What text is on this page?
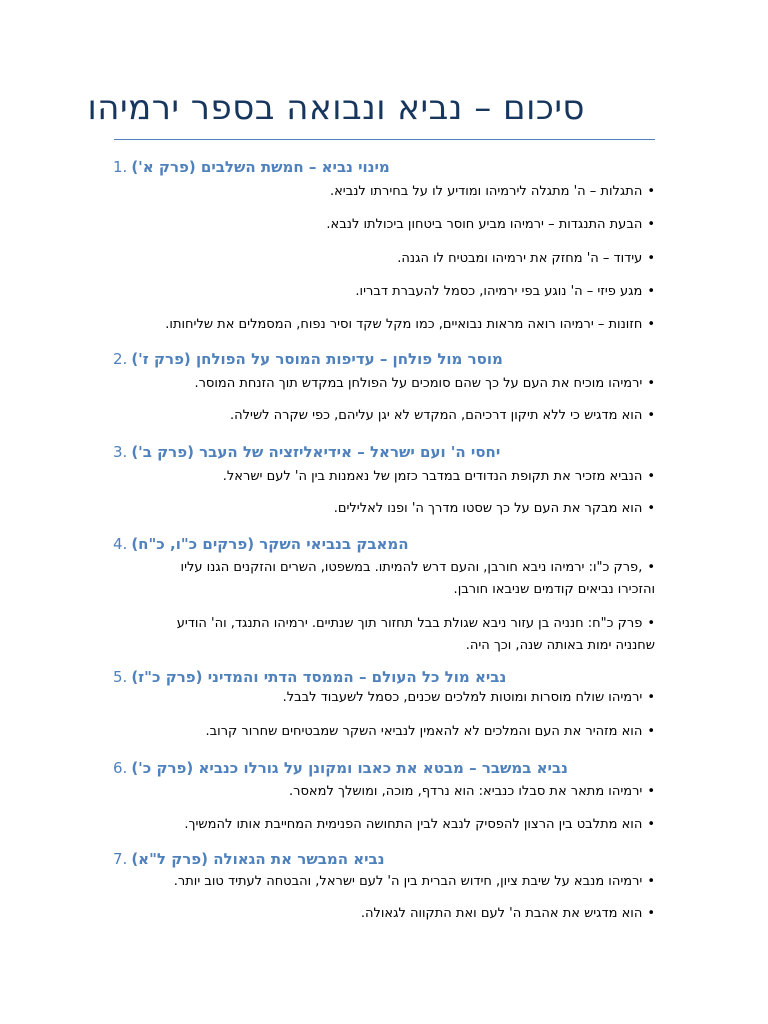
סיכום – נביא ונבואה בספר ירמיהו
1. מינוי נביא – חמשת השלבים (פרק א')
.התגלות – ה' מתגלה לירמיהו ומודיע לו על בחירתו לנביא •
.הבעת התנגדות – ירמיהו מביע חוסר ביטחון ביכולתו לנבא •
.עידוד – ה' מחזק את ירמיהו ומבטיח לו הגנה •
.מגע פיזי – ה' נוגע בפי ירמיהו, כסמל להעברת דבריו •
.חזונות – ירמיהו רואה מראות נבואיים, כמו מקל שקד וסיר נפוח, המסמלים את שליחותו •
2. מוסר מול פולחן – עדיפות המוסר על הפולחן (פרק ז')
.ירמיהו מוכיח את העם על כך שהם סומכים על הפולחן במקדש תוך הזנחת המוסר •
.הוא מדגיש כי ללא תיקון דרכיהם, המקדש לא יגן עליהם, כפי שקרה לשילה •
3. יחסי ה' ועם ישראל – אידיאליזציה של העבר (פרק ב')
.הנביא מזכיר את תקופת הנדודים במדבר כזמן של נאמנות בין ה' לעם ישראל •
.הוא מבקר את העם על כך שסטו מדרך ה' ופנו לאלילים •
4. המאבק בנביאי השקר (פרקים כ"ו, כ"ח)
פרק כ"ו: ירמיהו ניבא חורבן, והעם דרש להמיתו. במשפטו, השרים והזקנים הגנו עליו, •
.והזכירו נביאים קודמים שניבאו חורבן
פרק כ"ח: חנניה בן עזור ניבא שגולת בבל תחזור תוך שנתיים. ירמיהו התנגד, וה' הודיע •
.שחנניה ימות באותה שנה, וכך היה
5. נביא מול כל העולם – הממסד הדתי והמדיני (פרק כ"ז)
.ירמיהו שולח מוסרות ומוטות למלכים שכנים, כסמל לשעבוד לבבל •
.הוא מזהיר את העם והמלכים לא להאמין לנביאי השקר שמבטיחים שחרור קרוב •
6. נביא במשבר – מבטא את כאבו ומקונן על גורלו כנביא (פרק כ')
.ירמיהו מתאר את סבלו כנביא: הוא נרדף, מוכה, ומושלך למאסר •
.הוא מתלבט בין הרצון להפסיק לנבא לבין התחושה הפנימית המחייבת אותו להמשיך •
7. נביא המבשר את הגאולה (פרק ל"א)
.ירמיהו מנבא על שיבת ציון, חידוש הברית בין ה' לעם ישראל, והבטחה לעתיד טוב יותר •
.הוא מדגיש את אהבת ה' לעם ואת התקווה לגאולה •
